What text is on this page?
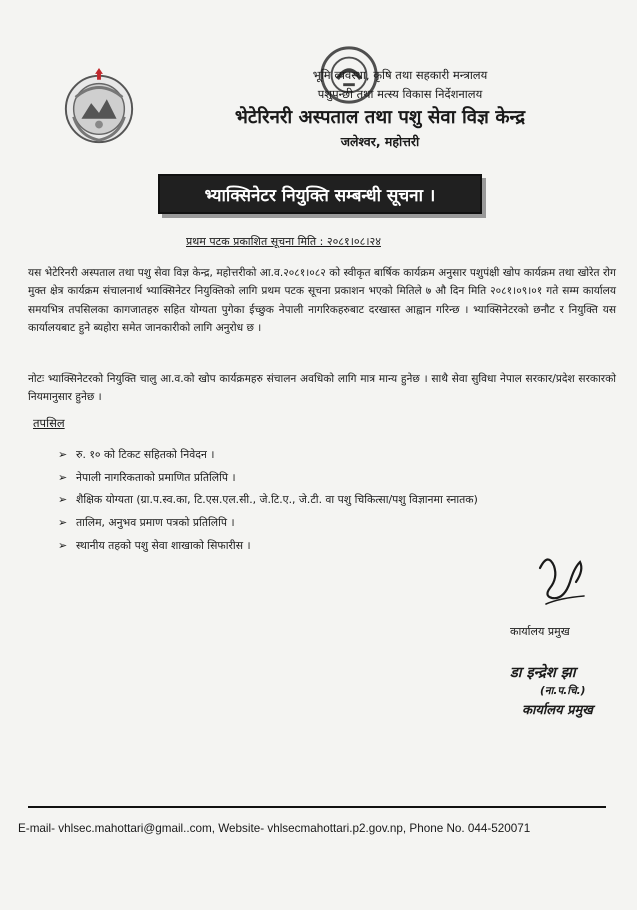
भूमि व्यवस्था, कृषि तथा सहकारी मन्त्रालय
पशुपन्छी तथा मत्स्य विकास निर्देशनालय
भेटेरिनरी अस्पताल तथा पशु सेवा विज्ञ केन्द्र
जलेश्वर, महोत्तरी
भ्याक्सिनेटर नियुक्ति सम्बन्धी सूचना ।
प्रथम पटक प्रकाशित सूचना मिति : २०८१।०८।२४
यस भेटेरिनरी अस्पताल तथा पशु सेवा विज्ञ केन्द्र, महोत्तरीको आ.व.२०८१।०८२ को स्वीकृत बार्षिक कार्यक्रम अनुसार पशुपंक्षी खोप कार्यक्रम तथा खोरेत रोग मुक्त क्षेत्र कार्यक्रम संचालनार्थ भ्याक्सिनेटर नियुक्तिको लागि प्रथम पटक सूचना प्रकाशन भएको मितिले ७ औ दिन मिति २०८१।०९।०१ गते सम्म कार्यालय समयभित्र तपसिलका कागजातहरु सहित योग्यता पुगेका ईच्छुक नेपाली नागरिकहरुबाट दरखास्त आह्वान गरिन्छ । भ्याक्सिनेटरको छनौट र नियुक्ति यस कार्यालयबाट हुने ब्यहोरा समेत जानकारीको लागि अनुरोध छ ।
नोटः भ्याक्सिनेटरको नियुक्ति चालु आ.व.को खोप कार्यक्रमहरु संचालन अवधिको लागि मात्र मान्य हुनेछ । साथै सेवा सुविधा नेपाल सरकार/प्रदेश सरकारको नियमानुसार हुनेछ ।
तपसिल
➢ रु. १० को टिकट सहितको निवेदन ।
➢ नेपाली नागरिकताको प्रमाणित प्रतिलिपि ।
➢ शैक्षिक योग्यता (ग्रा.प.स्व.का, टि.एस.एल.सी., जे.टि.ए., जे.टी. वा पशु चिकित्सा/पशु विज्ञानमा स्नातक)
➢ तालिम, अनुभव प्रमाण पत्रको प्रतिलिपि ।
➢ स्थानीय तहको पशु सेवा शाखाको सिफारीस ।
कार्यालय प्रमुख
डा इन्द्रेश झा
(ना.प.चि.)
कार्यालय प्रमुख
E-mail- vhlsec.mahottari@gmail..com, Website- vhlsecmahottari.p2.gov.np, Phone No. 044-520071
